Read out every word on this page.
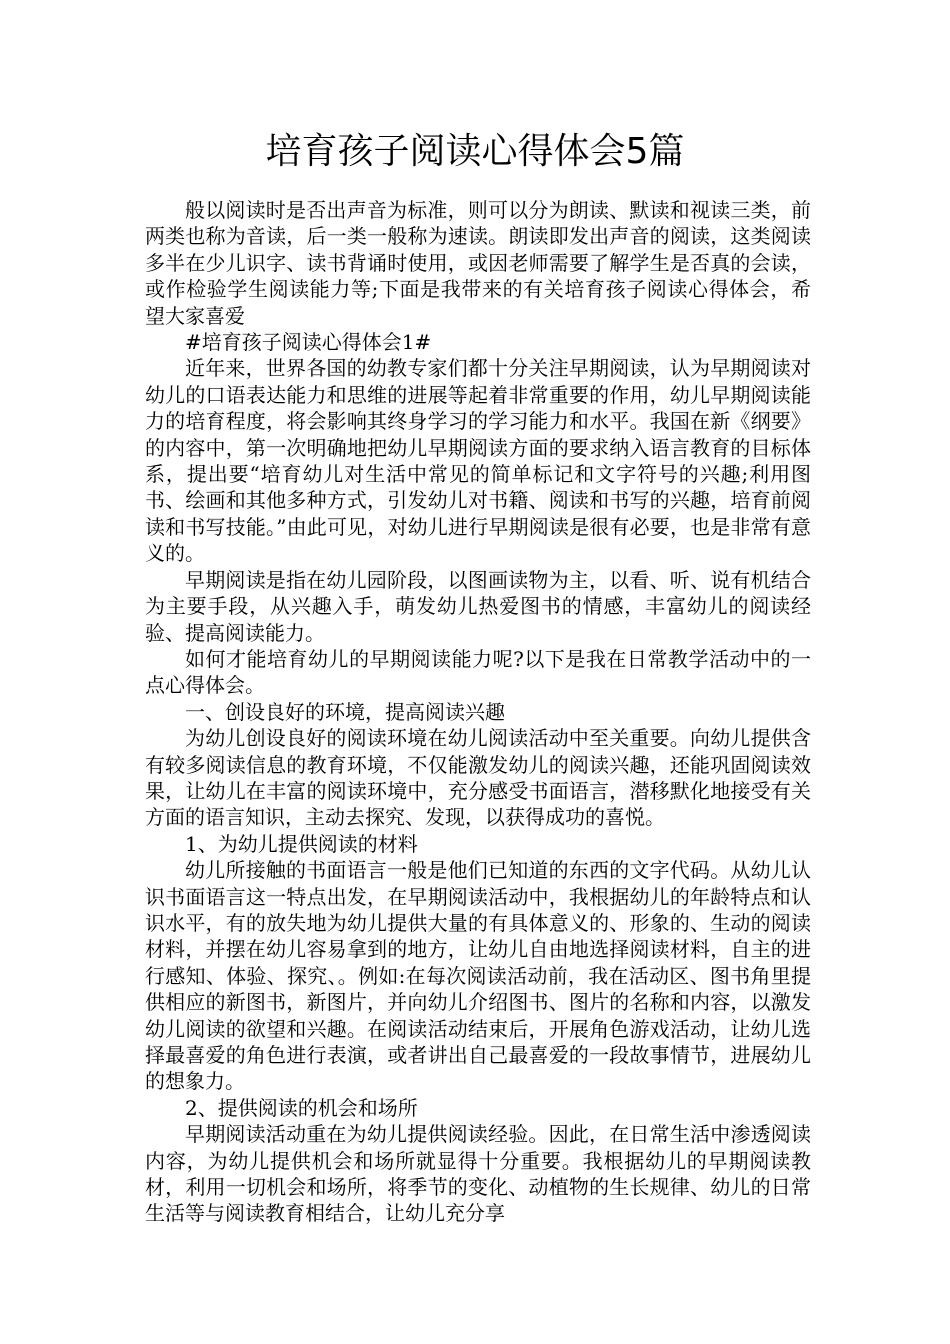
培育孩子阅读心得体会5篇

般以阅读时是否出声音为标准，则可以分为朗读、默读和视读三类，前两类也称为音读，后一类一般称为速读。朗读即发出声音的阅读，这类阅读多半在少儿识字、读书背诵时使用，或因老师需要了解学生是否真的会读，或作检验学生阅读能力等;下面是我带来的有关培育孩子阅读心得体会，希望大家喜爱

#培育孩子阅读心得体会1#

近年来，世界各国的幼教专家们都十分关注早期阅读，认为早期阅读对幼儿的口语表达能力和思维的进展等起着非常重要的作用，幼儿早期阅读能力的培育程度，将会影响其终身学习的学习能力和水平。我国在新《纲要》的内容中，第一次明确地把幼儿早期阅读方面的要求纳入语言教育的目标体系，提出要“培育幼儿对生活中常见的简单标记和文字符号的兴趣;利用图书、绘画和其他多种方式，引发幼儿对书籍、阅读和书写的兴趣，培育前阅读和书写技能。”由此可见，对幼儿进行早期阅读是很有必要，也是非常有意义的。

早期阅读是指在幼儿园阶段，以图画读物为主，以看、听、说有机结合为主要手段，从兴趣入手，萌发幼儿热爱图书的情感，丰富幼儿的阅读经验、提高阅读能力。

如何才能培育幼儿的早期阅读能力呢?以下是我在日常教学活动中的一点心得体会。

一、创设良好的环境，提高阅读兴趣

为幼儿创设良好的阅读环境在幼儿阅读活动中至关重要。向幼儿提供含有较多阅读信息的教育环境，不仅能激发幼儿的阅读兴趣，还能巩固阅读效果，让幼儿在丰富的阅读环境中，充分感受书面语言，潜移默化地接受有关方面的语言知识，主动去探究、发现，以获得成功的喜悦。

1、为幼儿提供阅读的材料

幼儿所接触的书面语言一般是他们已知道的东西的文字代码。从幼儿认识书面语言这一特点出发，在早期阅读活动中，我根据幼儿的年龄特点和认识水平，有的放失地为幼儿提供大量的有具体意义的、形象的、生动的阅读材料，并摆在幼儿容易拿到的地方，让幼儿自由地选择阅读材料，自主的进行感知、体验、探究、。例如:在每次阅读活动前，我在活动区、图书角里提供相应的新图书，新图片，并向幼儿介绍图书、图片的名称和内容，以激发幼儿阅读的欲望和兴趣。在阅读活动结束后，开展角色游戏活动，让幼儿选择最喜爱的角色进行表演，或者讲出自己最喜爱的一段故事情节，进展幼儿的想象力。

2、提供阅读的机会和场所

早期阅读活动重在为幼儿提供阅读经验。因此，在日常生活中渗透阅读内容，为幼儿提供机会和场所就显得十分重要。我根据幼儿的早期阅读教材，利用一切机会和场所，将季节的变化、动植物的生长规律、幼儿的日常生活等与阅读教育相结合，让幼儿充分享
